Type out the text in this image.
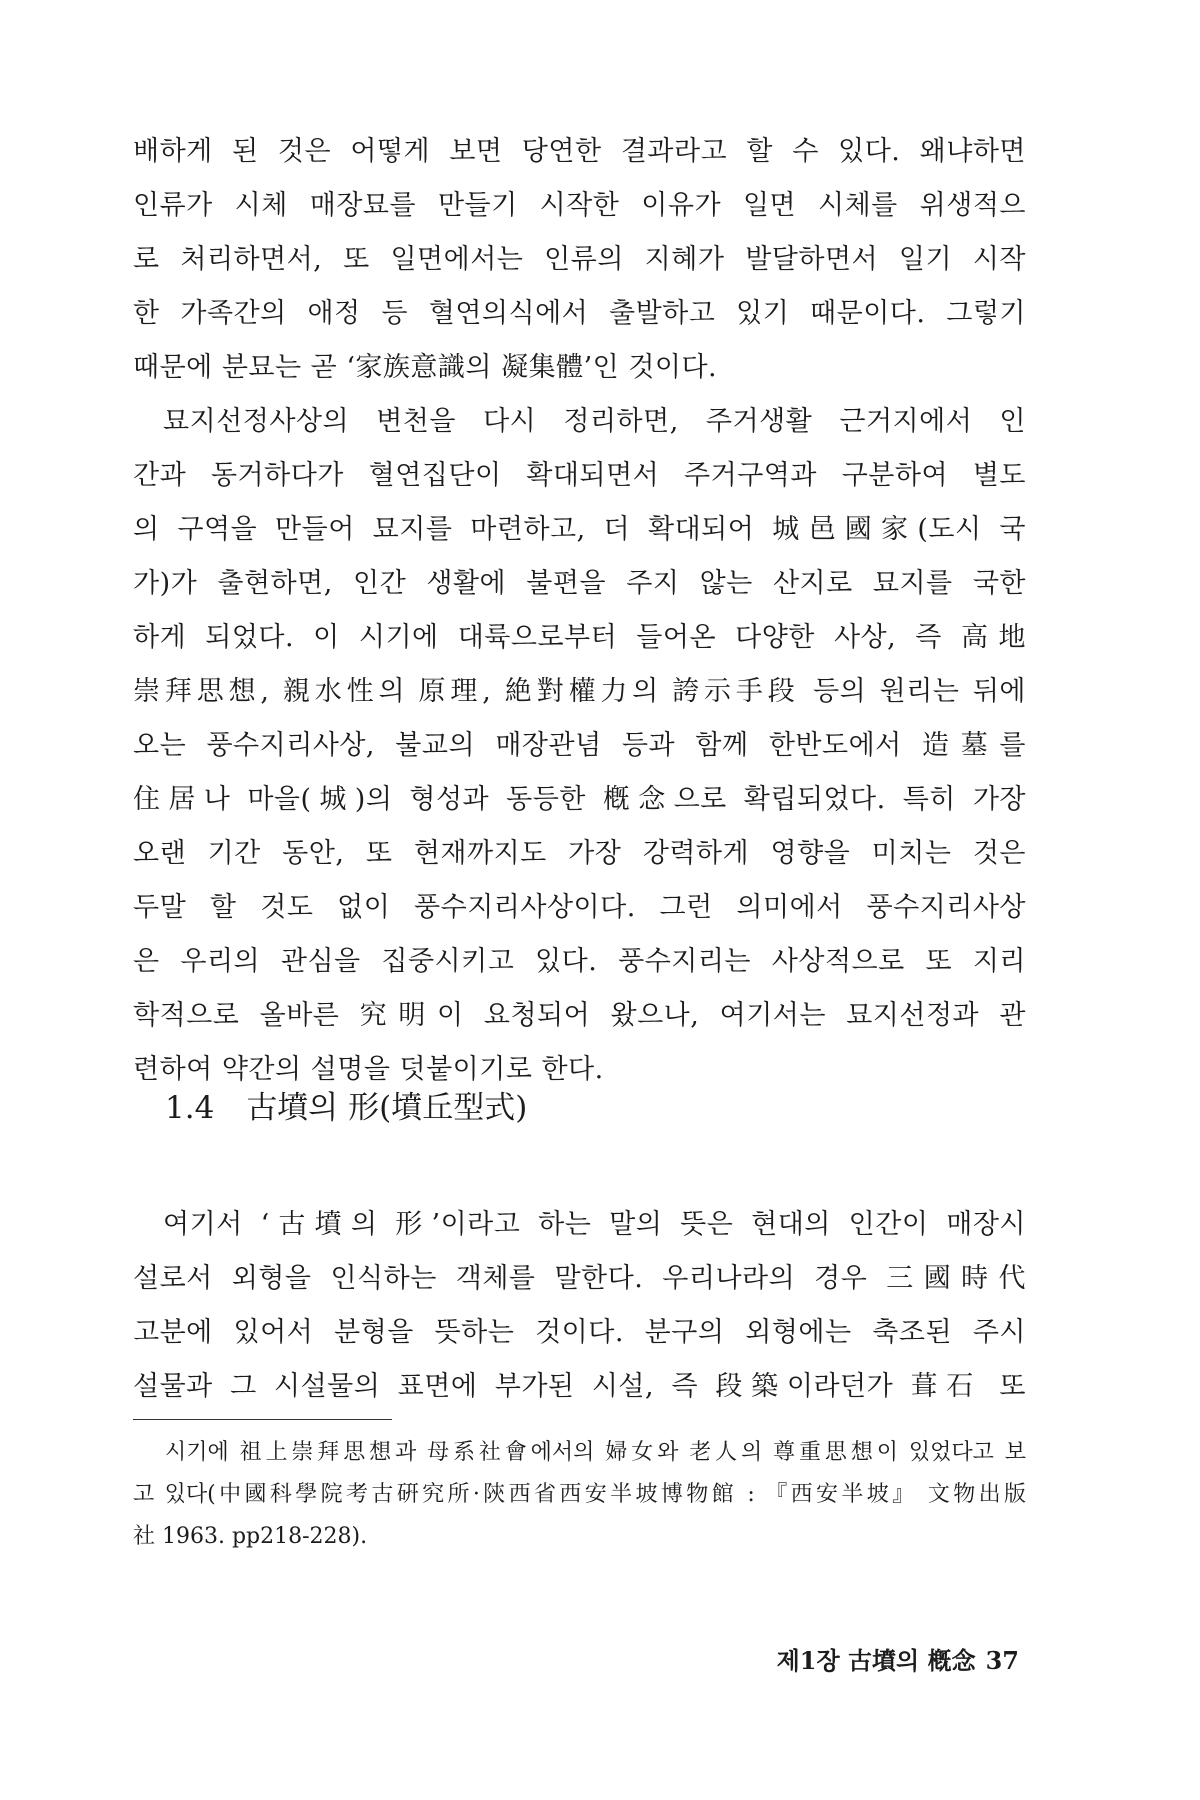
배하게 된 것은 어떻게 보면 당연한 결과라고 할 수 있다. 왜냐하면
인류가 시체 매장묘를 만들기 시작한 이유가 일면 시체를 위생적으
로 처리하면서, 또 일면에서는 인류의 지혜가 발달하면서 일기 시작
한 가족간의 애정 등 혈연의식에서 출발하고 있기 때문이다. 그렇기
때문에 분묘는 곧 ‘家族意識의 凝集體’인 것이다.
묘지선정사상의 변천을 다시 정리하면, 주거생활 근거지에서 인
간과 동거하다가 혈연집단이 확대되면서 주거구역과 구분하여 별도
의 구역을 만들어 묘지를 마련하고, 더 확대되어 城邑國家(도시 국
가)가 출현하면, 인간 생활에 불편을 주지 않는 산지로 묘지를 국한
하게 되었다. 이 시기에 대륙으로부터 들어온 다양한 사상, 즉 高地
崇拜思想, 親水性의 原理, 絶對權力의 誇示手段 등의 원리는 뒤에
오는 풍수지리사상, 불교의 매장관념 등과 함께 한반도에서 造墓를
住居나 마을(城)의 형성과 동등한 槪念으로 확립되었다. 특히 가장
오랜 기간 동안, 또 현재까지도 가장 강력하게 영향을 미치는 것은
두말 할 것도 없이 풍수지리사상이다. 그런 의미에서 풍수지리사상
은 우리의 관심을 집중시키고 있다. 풍수지리는 사상적으로 또 지리
학적으로 올바른 究明이 요청되어 왔으나, 여기서는 묘지선정과 관
련하여 약간의 설명을 덧붙이기로 한다.
1.4 古墳의 形(墳丘型式)
여기서 ‘古墳의 形’이라고 하는 말의 뜻은 현대의 인간이 매장시
설로서 외형을 인식하는 객체를 말한다. 우리나라의 경우 三國時代
고분에 있어서 분형을 뜻하는 것이다. 분구의 외형에는 축조된 주시
설물과 그 시설물의 표면에 부가된 시설, 즉 段築이라던가 葺石 또
시기에 祖上崇拜思想과 母系社會에서의 婦女와 老人의 尊重思想이 있었다고 보
고 있다(中國科學院考古硏究所·陝西省西安半坡博物館 : 『西安半坡』 文物出版
社 1963. pp218-228).
제1장 古墳의 槪念 37
